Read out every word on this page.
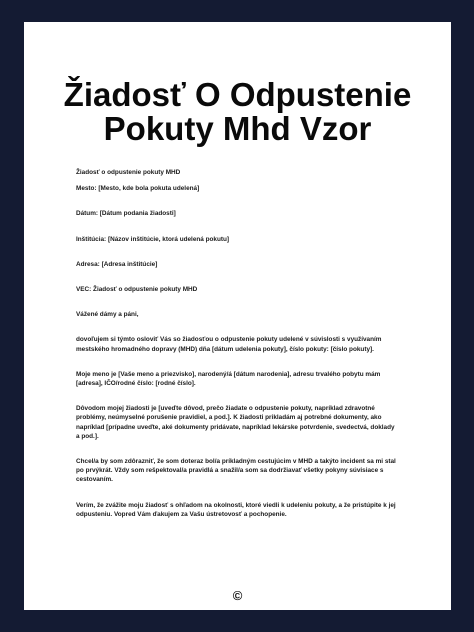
Žiadosť O Odpustenie
Pokuty Mhd Vzor

Žiadosť o odpustenie pokuty MHD

Mesto: [Mesto, kde bola pokuta udelená]

Dátum: [Dátum podania žiadosti]

Inštitúcia: [Názov inštitúcie, ktorá udelená pokutu]

Adresa: [Adresa inštitúcie]

VEC: Žiadosť o odpustenie pokuty MHD

Vážené dámy a páni,

dovoľujem si týmto osloviť Vás so žiadosťou o odpustenie pokuty udelené v súvislosti s využívaním mestského hromadného dopravy (MHD) dňa [dátum udelenia pokuty], číslo pokuty: [číslo pokuty].

Moje meno je [Vaše meno a priezvisko], narodený/á [dátum narodenia], adresu trvalého pobytu mám [adresa], IČO/rodné číslo: [rodné číslo].

Dôvodom mojej žiadosti je [uveďte dôvod, prečo žiadate o odpustenie pokuty, napríklad zdravotné problémy, neúmyselné porušenie pravidiel, a pod.]. K žiadosti prikladám aj potrebné dokumenty, ako napríklad [prípadne uveďte, aké dokumenty pridávate, napríklad lekárske potvrdenie, svedectvá, doklady a pod.].

Chcel/a by som zdôrazniť, že som doteraz bol/a príkladným cestujúcim v MHD a takýto incident sa mi stal po prvýkrát. Vždy som rešpektoval/a pravidlá a snažil/a som sa dodržiavať všetky pokyny súvisiace s cestovaním.

Verím, že zvážite moju žiadosť s ohľadom na okolnosti, ktoré viedli k udeleniu pokuty, a že pristúpite k jej odpusteniu. Vopred Vám ďakujem za Vašu ústretovosť a pochopenie.

©
